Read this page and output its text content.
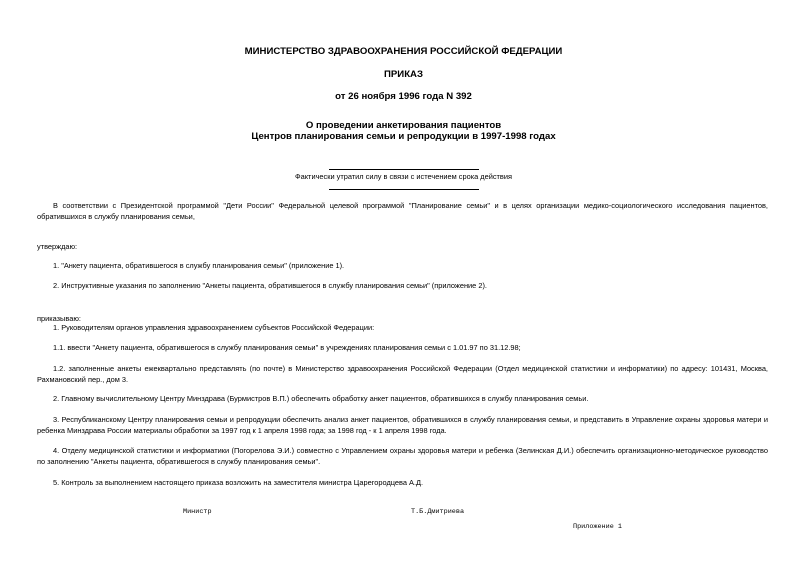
МИНИСТЕРСТВО ЗДРАВООХРАНЕНИЯ РОССИЙСКОЙ ФЕДЕРАЦИИ
ПРИКАЗ
от 26 ноября 1996 года N 392
О проведении анкетирования пациентов
Центров планирования семьи и репродукции в 1997-1998 годах
Фактически утратил силу в связи с истечением срока действия
В соответствии с Президентской программой "Дети России" Федеральной целевой программой "Планирование семьи" и в целях организации медико-социологического исследования пациентов, обратившихся в службу планирования семьи,
утверждаю:
1. "Анкету пациента, обратившегося в службу планирования семьи" (приложение 1).
2. Инструктивные указания по заполнению "Анкеты пациента, обратившегося в службу планирования семьи" (приложение 2).
приказываю:
1. Руководителям органов управления здравоохранением субъектов Российской Федерации:
1.1. ввести "Анкету пациента, обратившегося в службу планирования семьи" в учреждениях планирования семьи с 1.01.97 по 31.12.98;
1.2. заполненные анкеты ежеквартально представлять (по почте) в Министерство здравоохранения Российской Федерации (Отдел медицинской статистики и информатики) по адресу: 101431, Москва, Рахмановский пер., дом 3.
2. Главному вычислительному Центру Минздрава (Бурмистров В.П.) обеспечить обработку анкет пациентов, обратившихся в службу планирования семьи.
3. Республиканскому Центру планирования семьи и репродукции обеспечить анализ анкет пациентов, обратившихся в службу планирования семьи, и представить в Управление охраны здоровья матери и ребенка Минздрава России материалы обработки за 1997 год к 1 апреля 1998 года; за 1998 год - к 1 апреля 1998 года.
4. Отделу медицинской статистики и информатики (Погорелова Э.И.) совместно с Управлением охраны здоровья матери и ребенка (Зелинская Д.И.) обеспечить организационно-методическое руководство по заполнению "Анкеты пациента, обратившегося в службу планирования семьи".
5. Контроль за выполнением настоящего приказа возложить на заместителя министра Царегородцева А.Д.
Министр	Т.Б.Дмитриева
Приложение 1
